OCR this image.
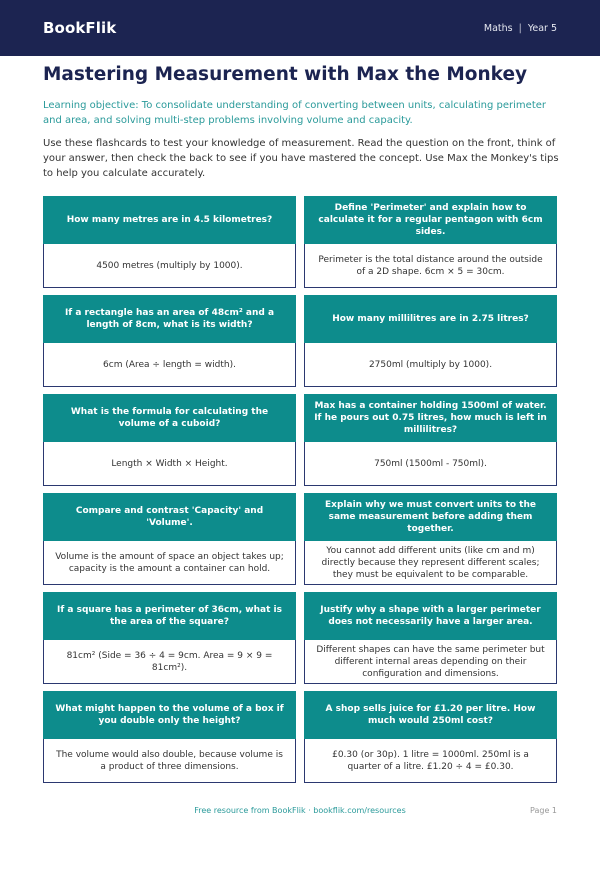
BookFlik	Maths | Year 5
Mastering Measurement with Max the Monkey
Learning objective: To consolidate understanding of converting between units, calculating perimeter and area, and solving multi-step problems involving volume and capacity.
Use these flashcards to test your knowledge of measurement. Read the question on the front, think of your answer, then check the back to see if you have mastered the concept. Use Max the Monkey's tips to help you calculate accurately.
How many metres are in 4.5 kilometres?
4500 metres (multiply by 1000).
Define 'Perimeter' and explain how to calculate it for a regular pentagon with 6cm sides.
Perimeter is the total distance around the outside of a 2D shape. 6cm × 5 = 30cm.
If a rectangle has an area of 48cm² and a length of 8cm, what is its width?
6cm (Area ÷ length = width).
How many millilitres are in 2.75 litres?
2750ml (multiply by 1000).
What is the formula for calculating the volume of a cuboid?
Length × Width × Height.
Max has a container holding 1500ml of water. If he pours out 0.75 litres, how much is left in millilitres?
750ml (1500ml - 750ml).
Compare and contrast 'Capacity' and 'Volume'.
Volume is the amount of space an object takes up; capacity is the amount a container can hold.
Explain why we must convert units to the same measurement before adding them together.
You cannot add different units (like cm and m) directly because they represent different scales; they must be equivalent to be comparable.
If a square has a perimeter of 36cm, what is the area of the square?
81cm² (Side = 36 ÷ 4 = 9cm. Area = 9 × 9 = 81cm²).
Justify why a shape with a larger perimeter does not necessarily have a larger area.
Different shapes can have the same perimeter but different internal areas depending on their configuration and dimensions.
What might happen to the volume of a box if you double only the height?
The volume would also double, because volume is a product of three dimensions.
A shop sells juice for £1.20 per litre. How much would 250ml cost?
£0.30 (or 30p). 1 litre = 1000ml. 250ml is a quarter of a litre. £1.20 ÷ 4 = £0.30.
Free resource from BookFlik · bookflik.com/resources	Page 1
